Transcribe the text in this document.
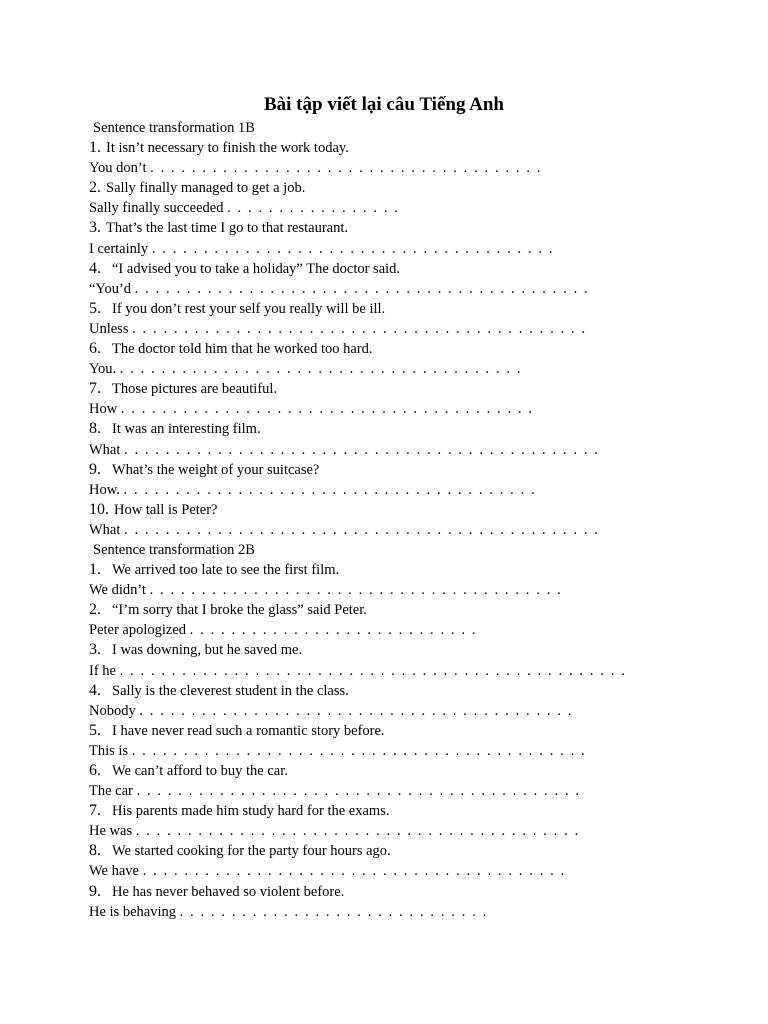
Bài tập viết lại câu Tiếng Anh
Sentence transformation 1B
1. It isn’t necessary to finish the work today.
You don’t . . . . . . . . . . . . . . . . . . . . . . . . . . . . . . . . . . . . . .
2. Sally finally managed to get a job.
Sally finally succeeded . . . . . . . . . . . . . . . . .
3. That’s the last time I go to that restaurant.
I certainly . . . . . . . . . . . . . . . . . . . . . . . . . . . . . . . . . . . . . . .
4. “I advised you to take a holiday” The doctor said.
“You’d . . . . . . . . . . . . . . . . . . . . . . . . . . . . . . . . . . . . . . . . . . . .
5. If you don’t rest your self you really will be ill.
Unless . . . . . . . . . . . . . . . . . . . . . . . . . . . . . . . . . . . . . . . . . . . .
6. The doctor told him that he worked too hard.
You. . . . . . . . . . . . . . . . . . . . . . . . . . . . . . . . . . . . . . . .
7. Those pictures are beautiful.
How . . . . . . . . . . . . . . . . . . . . . . . . . . . . . . . . . . . . . . . .
8. It was an interesting film.
What . . . . . . . . . . . . . . . . . . . . . . . . . . . . . . . . . . . . . . . . . . . . . .
9. What’s the weight of your suitcase?
How. . . . . . . . . . . . . . . . . . . . . . . . . . . . . . . . . . . . . . . . .
10. How tall is Peter?
What . . . . . . . . . . . . . . . . . . . . . . . . . . . . . . . . . . . . . . . . . . . . . .
Sentence transformation 2B
1. We arrived too late to see the first film.
We didn’t . . . . . . . . . . . . . . . . . . . . . . . . . . . . . . . . . . . . . . . .
2. “I’m sorry that I broke the glass” said Peter.
Peter apologized . . . . . . . . . . . . . . . . . . . . . . . . . . . .
3. I was downing, but he saved me.
If he . . . . . . . . . . . . . . . . . . . . . . . . . . . . . . . . . . . . . . . . . . . . . . . . .
4. Sally is the cleverest student in the class.
Nobody . . . . . . . . . . . . . . . . . . . . . . . . . . . . . . . . . . . . . . . . . .
5. I have never read such a romantic story before.
This is . . . . . . . . . . . . . . . . . . . . . . . . . . . . . . . . . . . . . . . . . . . .
6. We can’t afford to buy the car.
The car . . . . . . . . . . . . . . . . . . . . . . . . . . . . . . . . . . . . . . . . . . .
7. His parents made him study hard for the exams.
He was . . . . . . . . . . . . . . . . . . . . . . . . . . . . . . . . . . . . . . . . . . .
8. We started cooking for the party four hours ago.
We have . . . . . . . . . . . . . . . . . . . . . . . . . . . . . . . . . . . . . . . . .
9. He has never behaved so violent before.
He is behaving . . . . . . . . . . . . . . . . . . . . . . . . . . . . . .
